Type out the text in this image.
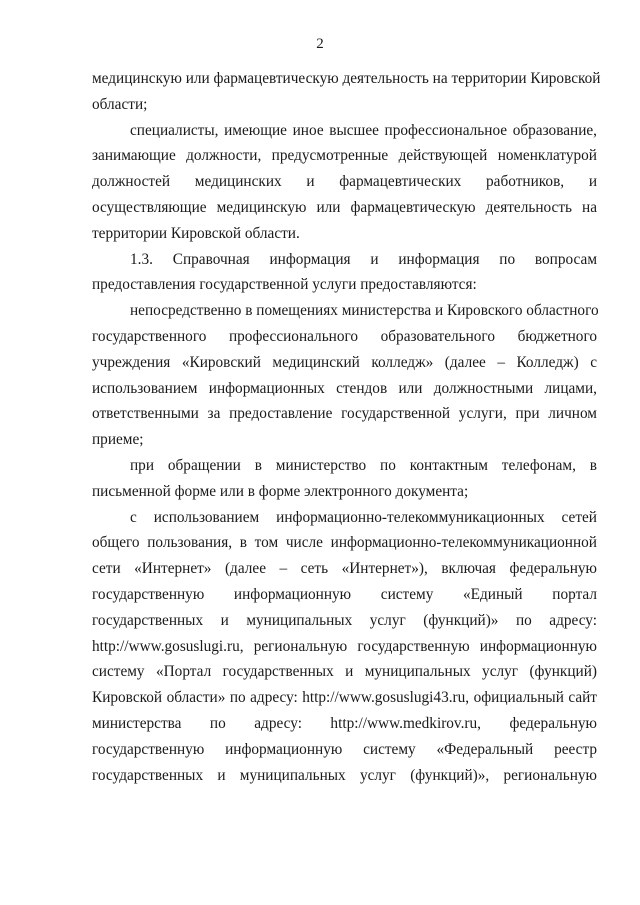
2
медицинскую или фармацевтическую деятельность на территории Кировской
области;
специалисты, имеющие иное высшее профессиональное образование,
занимающие должности, предусмотренные действующей номенклатурой
должностей медицинских и фармацевтических работников, и
осуществляющие медицинскую или фармацевтическую деятельность на
территории Кировской области.
1.3. Справочная информация и информация по вопросам
предоставления государственной услуги предоставляются:
непосредственно в помещениях министерства и Кировского областного
государственного профессионального образовательного бюджетного
учреждения «Кировский медицинский колледж» (далее – Колледж) с
использованием информационных стендов или должностными лицами,
ответственными за предоставление государственной услуги, при личном
приеме;
при обращении в министерство по контактным телефонам, в
письменной форме или в форме электронного документа;
с использованием информационно-телекоммуникационных сетей
общего пользования, в том числе информационно-телекоммуникационной
сети «Интернет» (далее – сеть «Интернет»), включая федеральную
государственную информационную систему «Единый портал
государственных и муниципальных услуг (функций)» по адресу:
http://www.gosuslugi.ru, региональную государственную информационную
систему «Портал государственных и муниципальных услуг (функций)
Кировской области» по адресу: http://www.gosuslugi43.ru, официальный сайт
министерства по адресу: http://www.medkirov.ru, федеральную
государственную информационную систему «Федеральный реестр
государственных и муниципальных услуг (функций)», региональную
